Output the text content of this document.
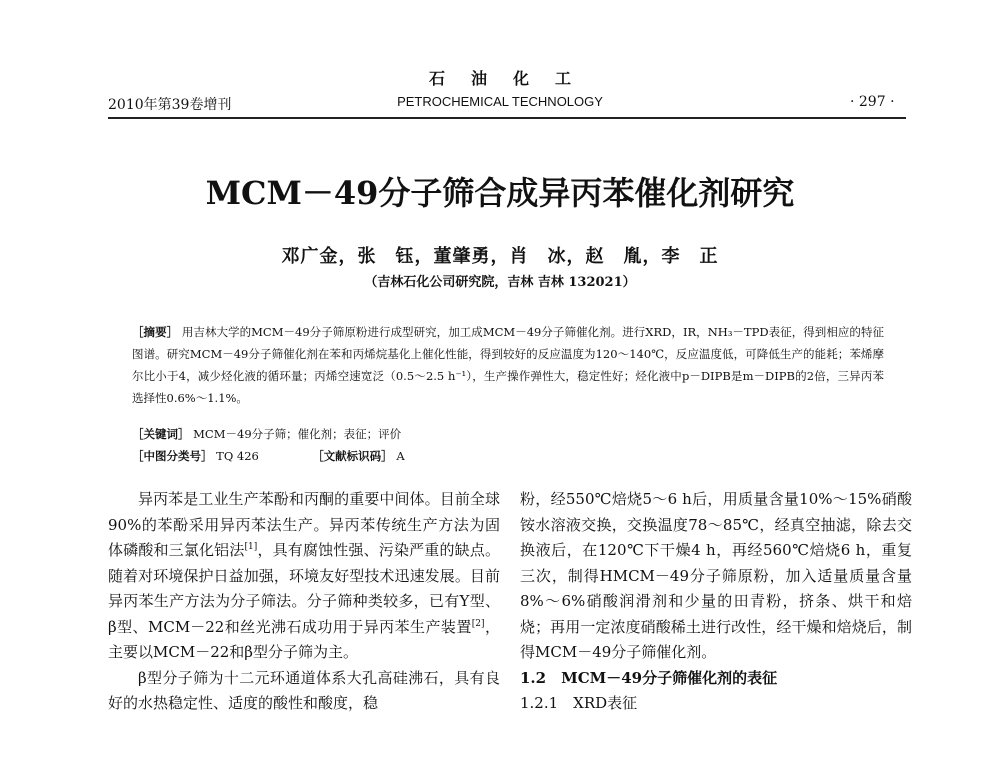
石油化工
2010年第39卷增刊	PETROCHEMICAL TECHNOLOGY	· 297 ·
MCM－49分子筛合成异丙苯催化剂研究
邓广金，张　钰，董肇勇，肖　冰，赵　胤，李　正
（吉林石化公司研究院，吉林 吉林 132021）
［摘要］ 用吉林大学的MCM－49分子筛原粉进行成型研究，加工成MCM－49分子筛催化剂。进行XRD，IR，NH₃－TPD表征，得到相应的特征图谱。研究MCM－49分子筛催化剂在苯和丙烯烷基化上催化性能，得到较好的反应温度为120～140℃，反应温度低，可降低生产的能耗；苯烯摩尔比小于4，减少烃化液的循环量；丙烯空速宽泛（0.5～2.5 h⁻¹），生产操作弹性大，稳定性好；烃化液中p－DIPB是m－DIPB的2倍，三异丙苯选择性0.6%～1.1%。
［关键词］ MCM－49分子筛；催化剂；表征；评价
［中图分类号］ TQ 426	［文献标识码］ A

异丙苯是工业生产苯酚和丙酮的重要中间体。目前全球90%的苯酚采用异丙苯法生产。异丙苯传统生产方法为固体磷酸和三氯化铝法[1]，具有腐蚀性强、污染严重的缺点。随着对环境保护日益加强，环境友好型技术迅速发展。目前异丙苯生产方法为分子筛法。分子筛种类较多，已有Y型、β型、MCM－22和丝光沸石成功用于异丙苯生产装置[2]，主要以MCM－22和β型分子筛为主。

β型分子筛为十二元环通道体系大孔高硅沸石，具有良好的水热稳定性、适度的酸性和酸度，稳

粉，经550℃焙烧5～6 h后，用质量含量10%～15%硝酸铵水溶液交换，交换温度78～85℃，经真空抽滤，除去交换液后，在120℃下干燥4 h，再经560℃焙烧6 h，重复三次，制得HMCM－49分子筛原粉，加入适量质量含量8%～6%硝酸润滑剂和少量的田青粉，挤条、烘干和焙烧；再用一定浓度硝酸稀土进行改性，经干燥和焙烧后，制得MCM－49分子筛催化剂。

1.2　MCM－49分子筛催化剂的表征

1.2.1　XRD表征
